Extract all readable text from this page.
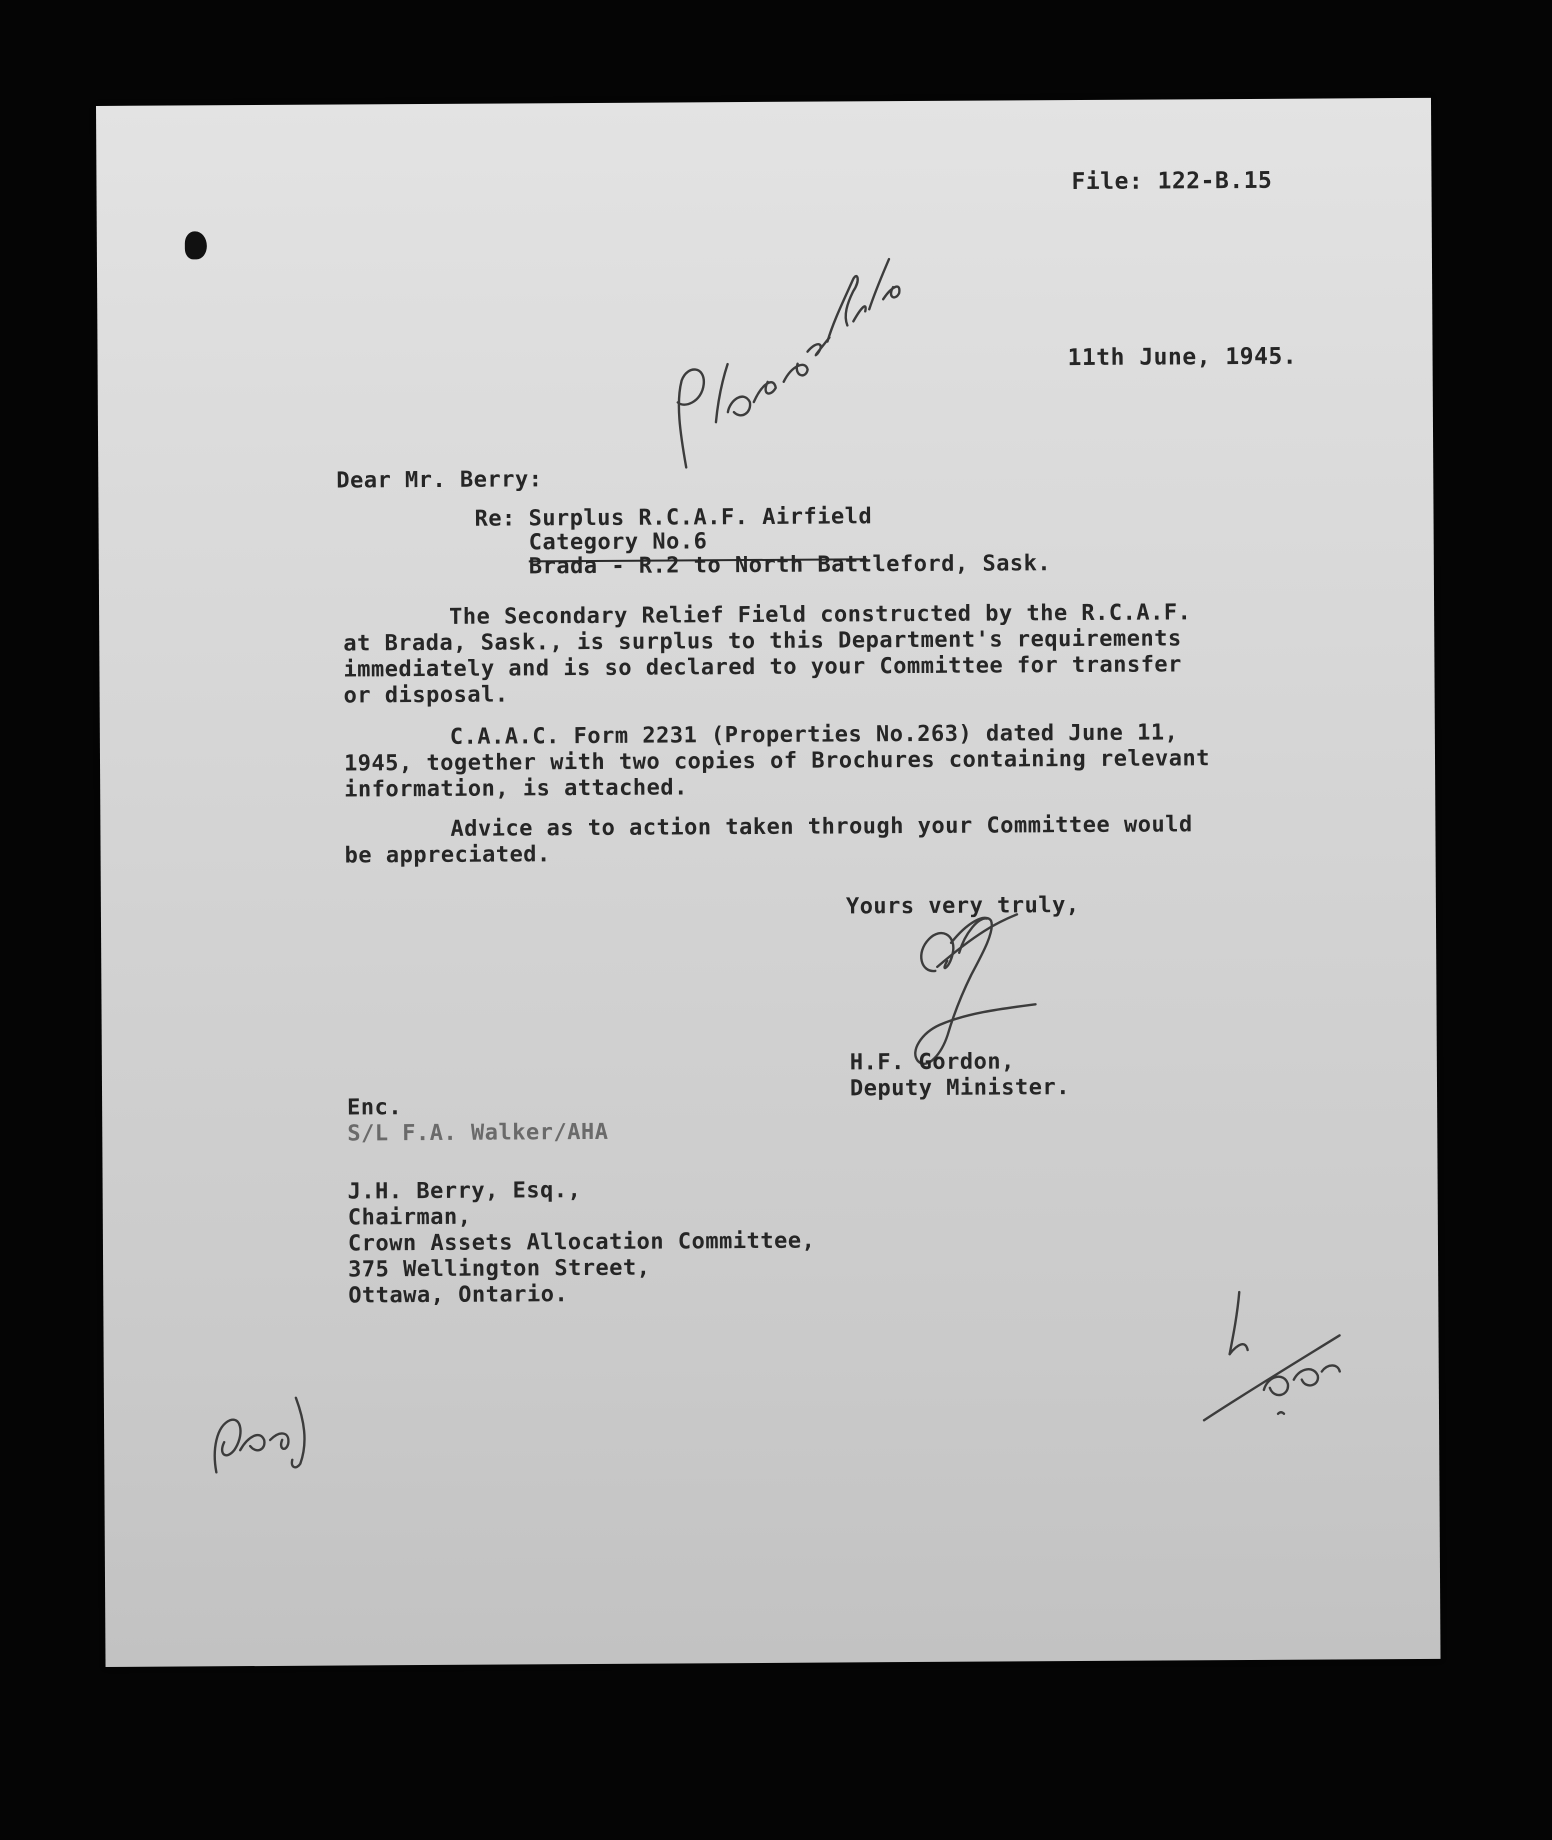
File: 122-B.15
11th June, 1945.
Dear Mr. Berry:
Re: Surplus R.C.A.F. Airfield
Category No.6
Brada - R.2 to North Battleford, Sask.
The Secondary Relief Field constructed by the R.C.A.F.
at Brada, Sask., is surplus to this Department's requirements
immediately and is so declared to your Committee for transfer
or disposal.
C.A.A.C. Form 2231 (Properties No.263) dated June 11,
1945, together with two copies of Brochures containing relevant
information, is attached.
Advice as to action taken through your Committee would
be appreciated.
Yours very truly,
H.F. Gordon,
Deputy Minister.
Enc.
S/L F.A. Walker/AHA
J.H. Berry, Esq.,
Chairman,
Crown Assets Allocation Committee,
375 Wellington Street,
Ottawa, Ontario.
